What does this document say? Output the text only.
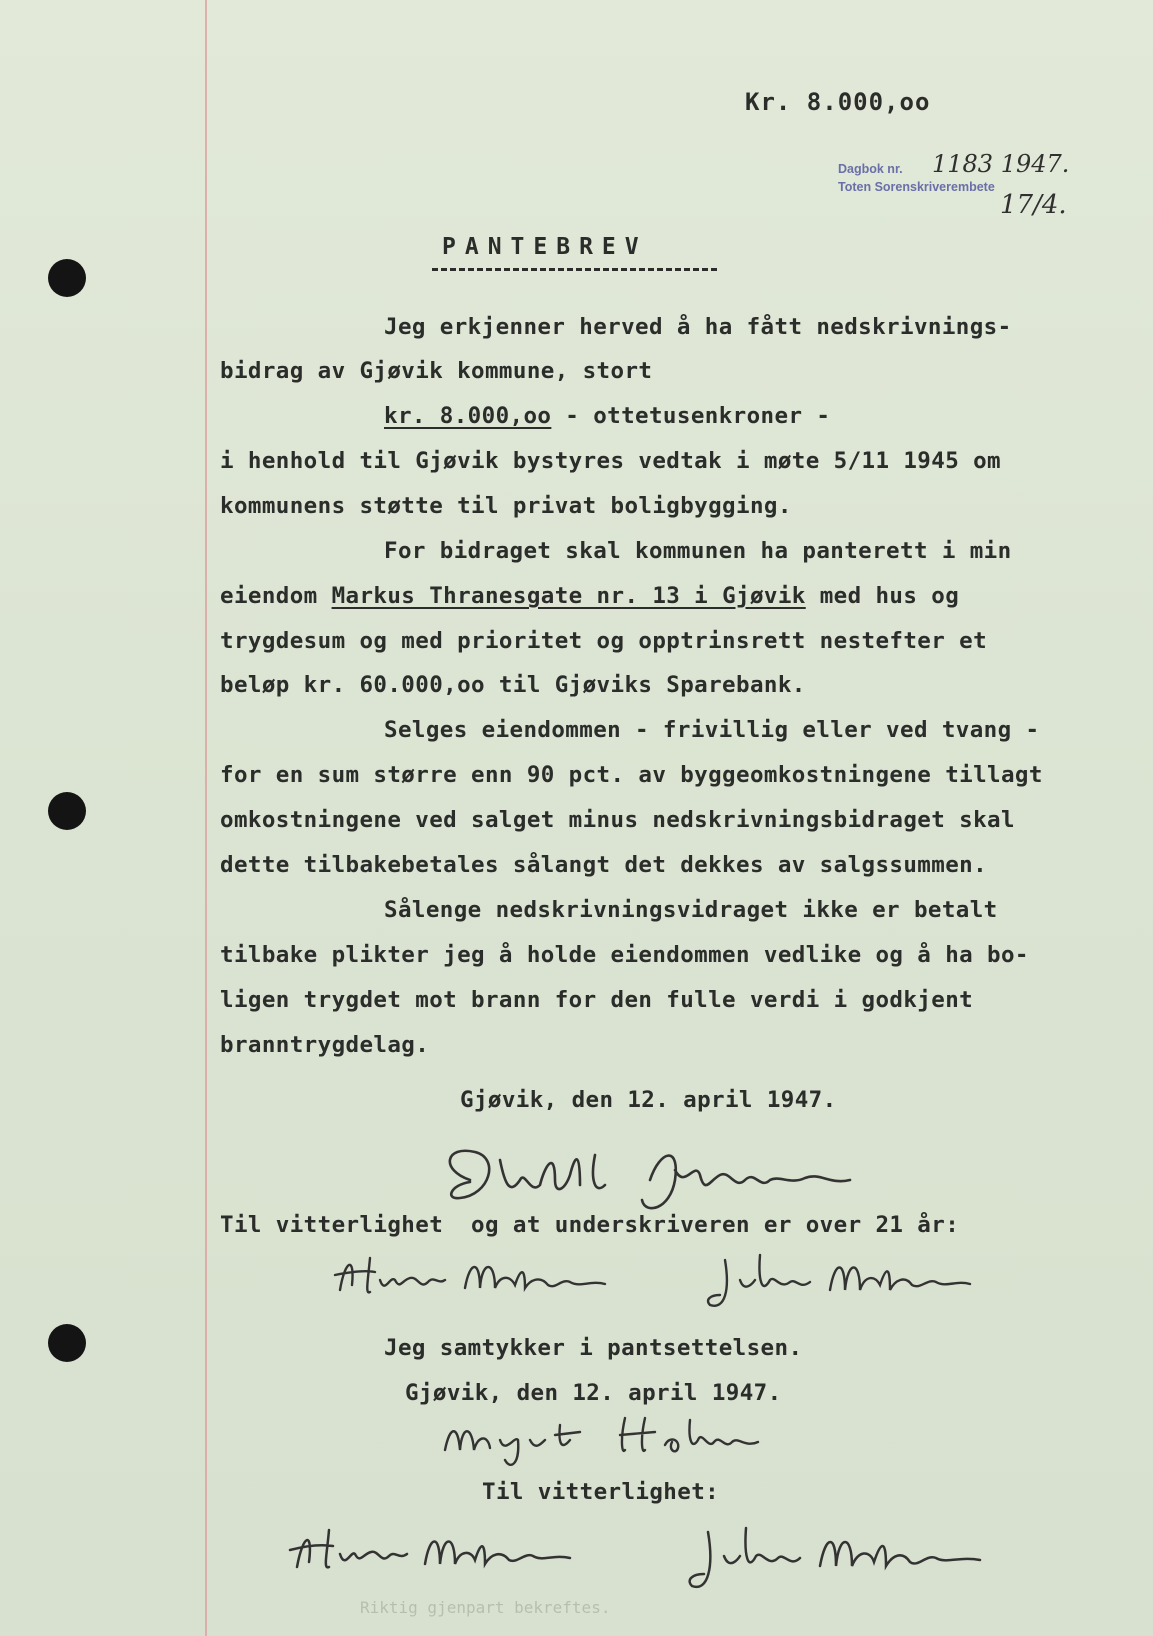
Kr. 8.000,oo
Dagbok nr.
Toten Sorenskriverembete
1183 1947.
17/4.
PANTEBREV
Jeg erkjenner herved å ha fått nedskrivnings-
bidrag av Gjøvik kommune, stort
kr. 8.000,oo - ottetusenkroner -
i henhold til Gjøvik bystyres vedtak i møte 5/11 1945 om
kommunens støtte til privat boligbygging.
For bidraget skal kommunen ha panterett i min
eiendom Markus Thranesgate nr. 13 i Gjøvik med hus og
trygdesum og med prioritet og opptrinsrett nestefter et
beløp kr. 60.000,oo til Gjøviks Sparebank.
Selges eiendommen - frivillig eller ved tvang -
for en sum større enn 90 pct. av byggeomkostningene tillagt
omkostningene ved salget minus nedskrivningsbidraget skal
dette tilbakebetales sålangt det dekkes av salgssummen.
Sålenge nedskrivningsvidraget ikke er betalt
tilbake plikter jeg å holde eiendommen vedlike og å ha bo-
ligen trygdet mot brann for den fulle verdi i godkjent
branntrygdelag.
Gjøvik, den 12. april 1947.
Til vitterlighet  og at underskriveren er over 21 år:
Jeg samtykker i pantsettelsen.
Gjøvik, den 12. april 1947.
Til vitterlighet:
Riktig gjenpart bekreftes.
